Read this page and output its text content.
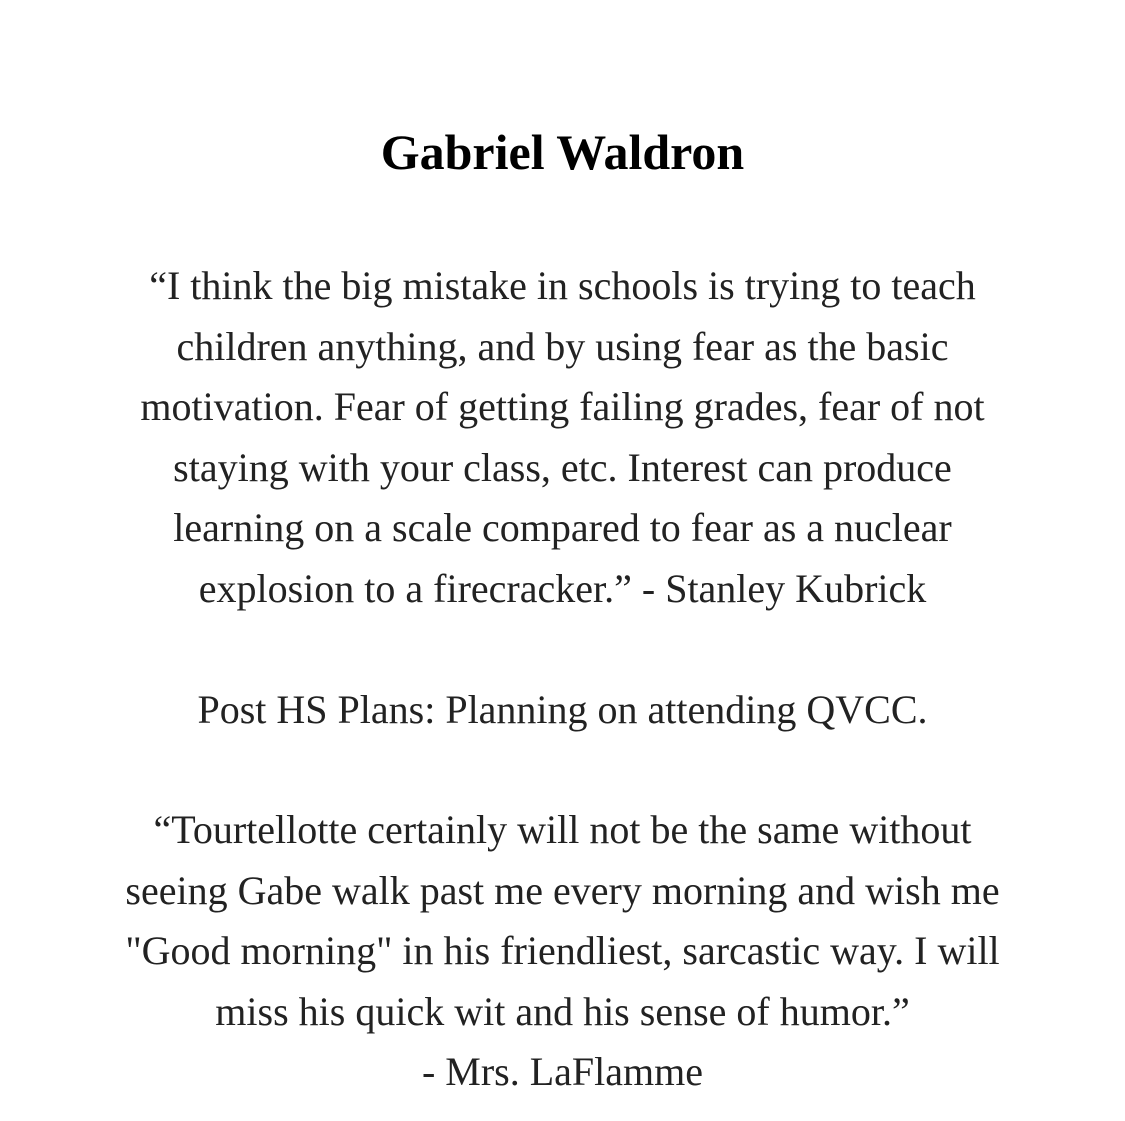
Gabriel Waldron
“I think the big mistake in schools is trying to teach
children anything, and by using fear as the basic
motivation. Fear of getting failing grades, fear of not
staying with your class, etc. Interest can produce
learning on a scale compared to fear as a nuclear
explosion to a firecracker.” - Stanley Kubrick
Post HS Plans: Planning on attending QVCC.
“Tourtellotte certainly will not be the same without
seeing Gabe walk past me every morning and wish me
"Good morning" in his friendliest, sarcastic way. I will
miss his quick wit and his sense of humor.”
- Mrs. LaFlamme
